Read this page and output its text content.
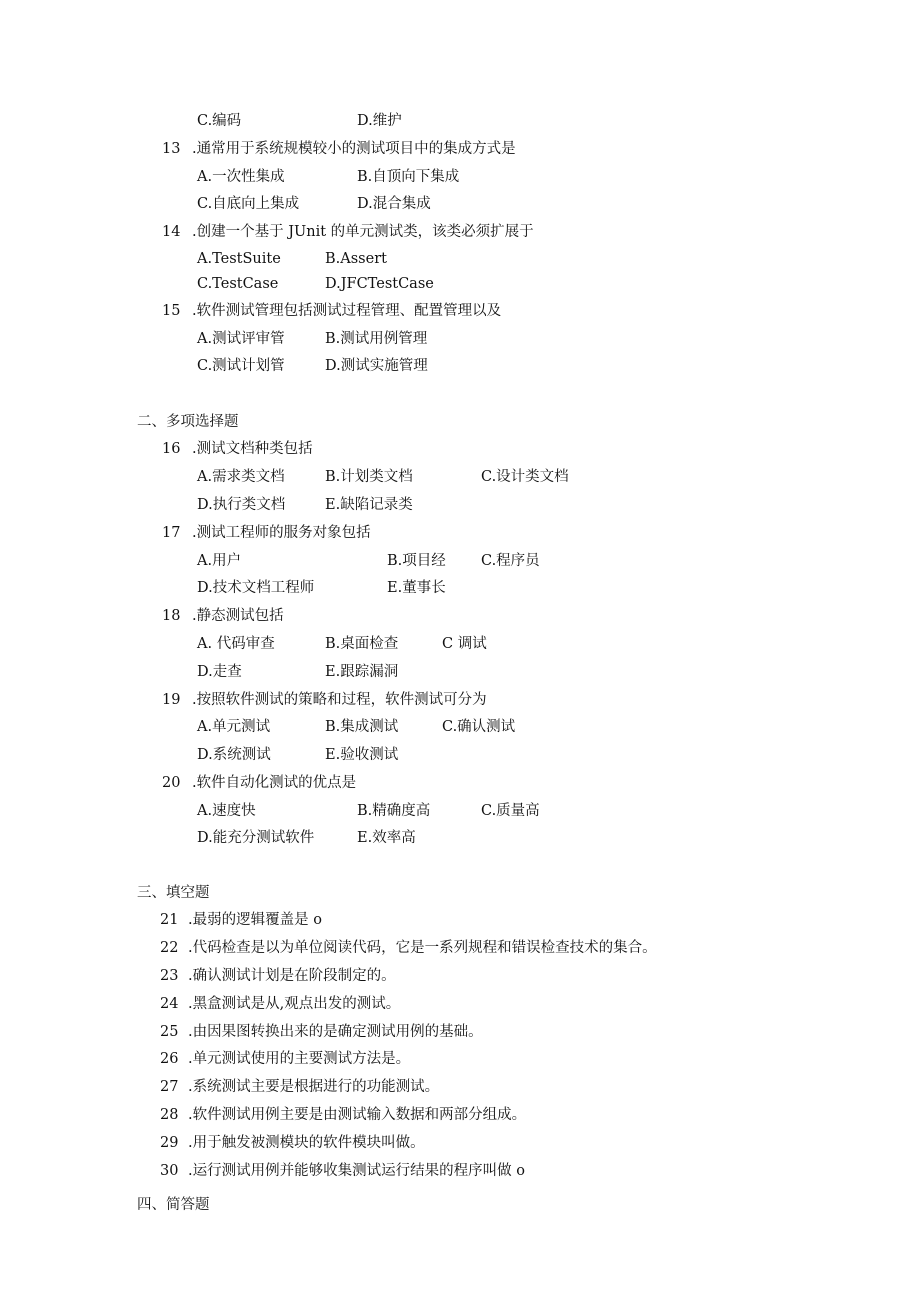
C.编码	D.维护
13 .通常用于系统规模较小的测试项目中的集成方式是
A.一次性集成	B.自顶向下集成
C.自底向上集成	D.混合集成
14 .创建一个基于 JUnit 的单元测试类，该类必须扩展于
A.TestSuite	B.Assert
C.TestCase	D.JFCTestCase
15 .软件测试管理包括测试过程管理、配置管理以及
A.测试评审管	B.测试用例管理
C.测试计划管	D.测试实施管理
二、多项选择题
16 .测试文档种类包括
A.需求类文档	B.计划类文档	C.设计类文档
D.执行类文档	E.缺陷记录类
17 .测试工程师的服务对象包括
A.用户	B.项目经 C.程序员
D.技术文档工程师	E.董事长
18 .静态测试包括
A. 代码审查	B.桌面检查	C 调试
D.走查	E.跟踪漏洞
19 .按照软件测试的策略和过程，软件测试可分为
A.单元测试	B.集成测试	C.确认测试
D.系统测试	E.验收测试
20 .软件自动化测试的优点是
A.速度快	B.精确度高	C.质量高
D.能充分测试软件	E.效率高
三、填空题
21 .最弱的逻辑覆盖是 o
22 .代码检查是以为单位阅读代码，它是一系列规程和错误检查技术的集合。
23 .确认测试计划是在阶段制定的。
24 .黑盒测试是从,观点出发的测试。
25 .由因果图转换出来的是确定测试用例的基础。
26 .单元测试使用的主要测试方法是。
27 .系统测试主要是根据进行的功能测试。
28 .软件测试用例主要是由测试输入数据和两部分组成。
29 .用于触发被测模块的软件模块叫做。
30 .运行测试用例并能够收集测试运行结果的程序叫做 o
四、简答题
